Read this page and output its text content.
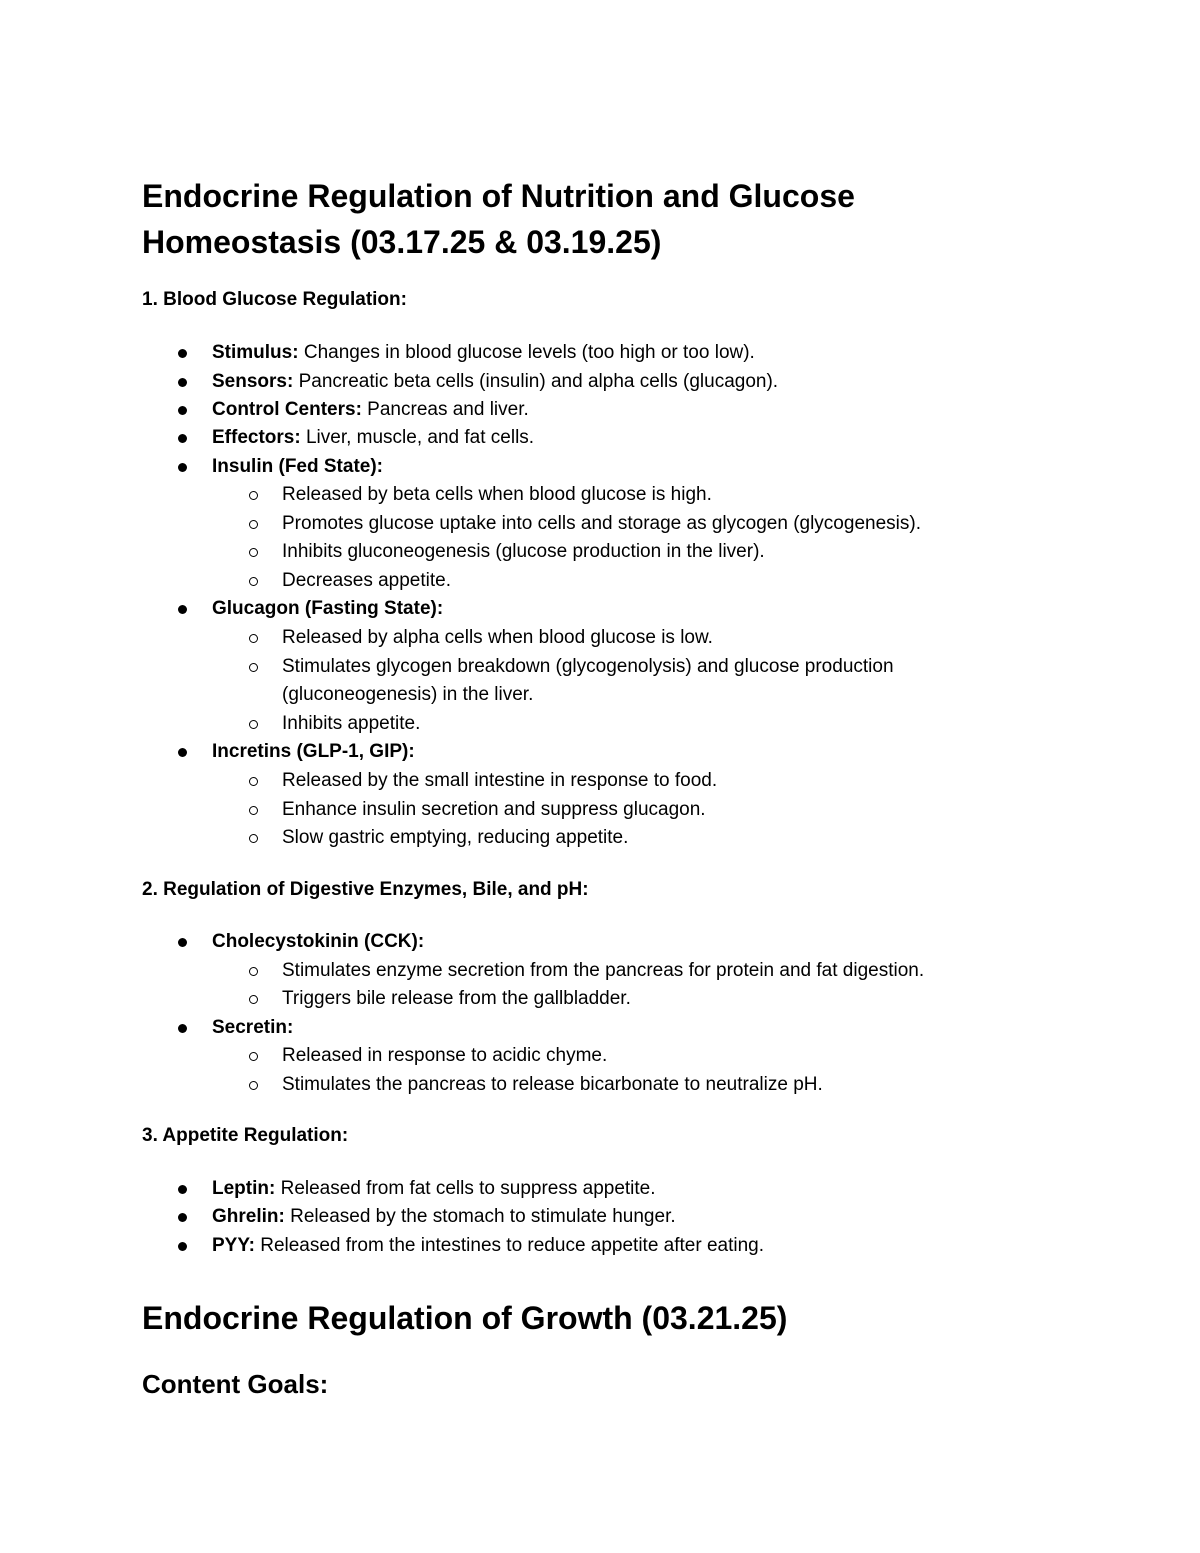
Endocrine Regulation of Nutrition and Glucose
Homeostasis (03.17.25 & 03.19.25)
1. Blood Glucose Regulation:
Stimulus: Changes in blood glucose levels (too high or too low).
Sensors: Pancreatic beta cells (insulin) and alpha cells (glucagon).
Control Centers: Pancreas and liver.
Effectors: Liver, muscle, and fat cells.
Insulin (Fed State):
Released by beta cells when blood glucose is high.
Promotes glucose uptake into cells and storage as glycogen (glycogenesis).
Inhibits gluconeogenesis (glucose production in the liver).
Decreases appetite.
Glucagon (Fasting State):
Released by alpha cells when blood glucose is low.
Stimulates glycogen breakdown (glycogenolysis) and glucose production
(gluconeogenesis) in the liver.
Inhibits appetite.
Incretins (GLP-1, GIP):
Released by the small intestine in response to food.
Enhance insulin secretion and suppress glucagon.
Slow gastric emptying, reducing appetite.
2. Regulation of Digestive Enzymes, Bile, and pH:
Cholecystokinin (CCK):
Stimulates enzyme secretion from the pancreas for protein and fat digestion.
Triggers bile release from the gallbladder.
Secretin:
Released in response to acidic chyme.
Stimulates the pancreas to release bicarbonate to neutralize pH.
3. Appetite Regulation:
Leptin: Released from fat cells to suppress appetite.
Ghrelin: Released by the stomach to stimulate hunger.
PYY: Released from the intestines to reduce appetite after eating.
Endocrine Regulation of Growth (03.21.25)
Content Goals:
